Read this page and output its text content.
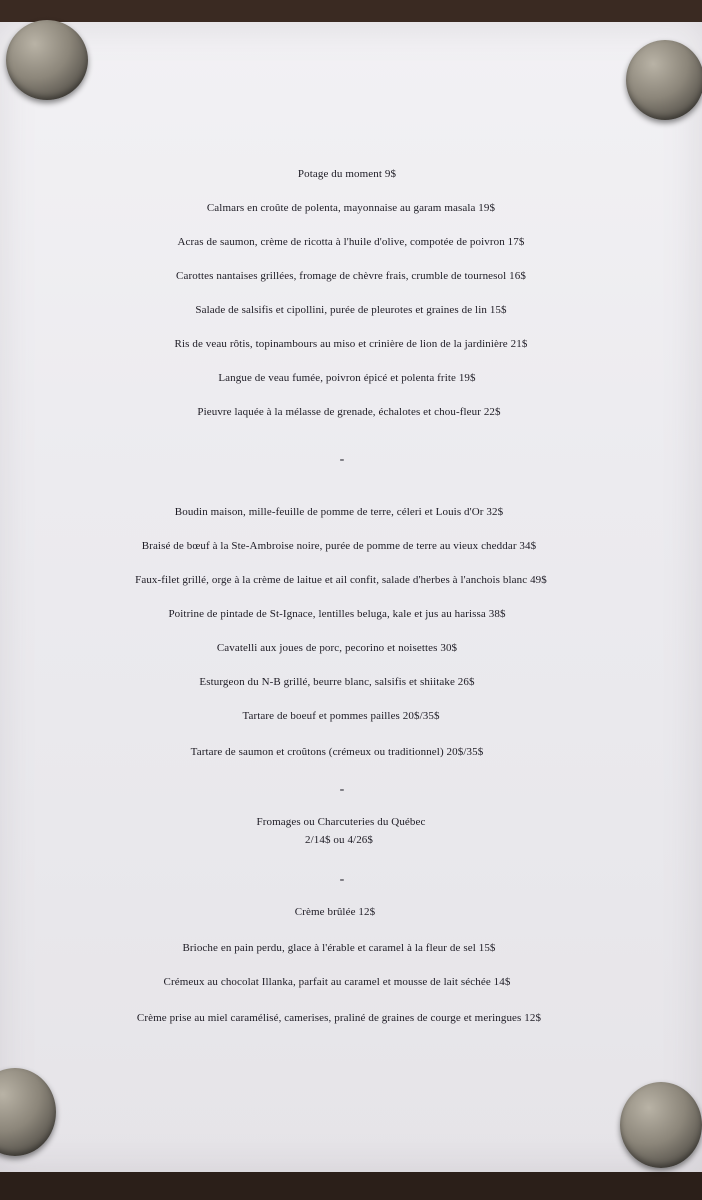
Potage du moment 9$
Calmars en croûte de polenta, mayonnaise au garam masala 19$
Acras de saumon, crème de ricotta à l'huile d'olive, compotée de poivron 17$
Carottes nantaises grillées, fromage de chèvre frais, crumble de tournesol 16$
Salade de salsifis et cipollini, purée de pleurotes et graines de lin 15$
Ris de veau rôtis, topinambours au miso et crinière de lion de la jardinière 21$
Langue de veau fumée, poivron épicé et polenta frite 19$
Pieuvre laquée à la mélasse de grenade, échalotes et chou-fleur 22$
-
Boudin maison, mille-feuille de pomme de terre, céleri et Louis d'Or 32$
Braisé de bœuf à la Ste-Ambroise noire, purée de pomme de terre au vieux cheddar 34$
Faux-filet grillé, orge à la crème de laitue et ail confit, salade d'herbes à l'anchois blanc 49$
Poitrine de pintade de St-Ignace, lentilles beluga, kale et jus au harissa 38$
Cavatelli aux joues de porc, pecorino et noisettes 30$
Esturgeon du N-B grillé, beurre blanc, salsifis et shiitake 26$
Tartare de boeuf et pommes pailles 20$/35$
Tartare de saumon et croûtons (crémeux ou traditionnel) 20$/35$
-
Fromages ou Charcuteries du Québec
2/14$ ou 4/26$
-
Crème brûlée 12$
Brioche en pain perdu, glace à l'érable et caramel à la fleur de sel 15$
Crémeux au chocolat Illanka, parfait au caramel et mousse de lait séchée 14$
Crème prise au miel caramélisé, camerises, praliné de graines de courge et meringues 12$
